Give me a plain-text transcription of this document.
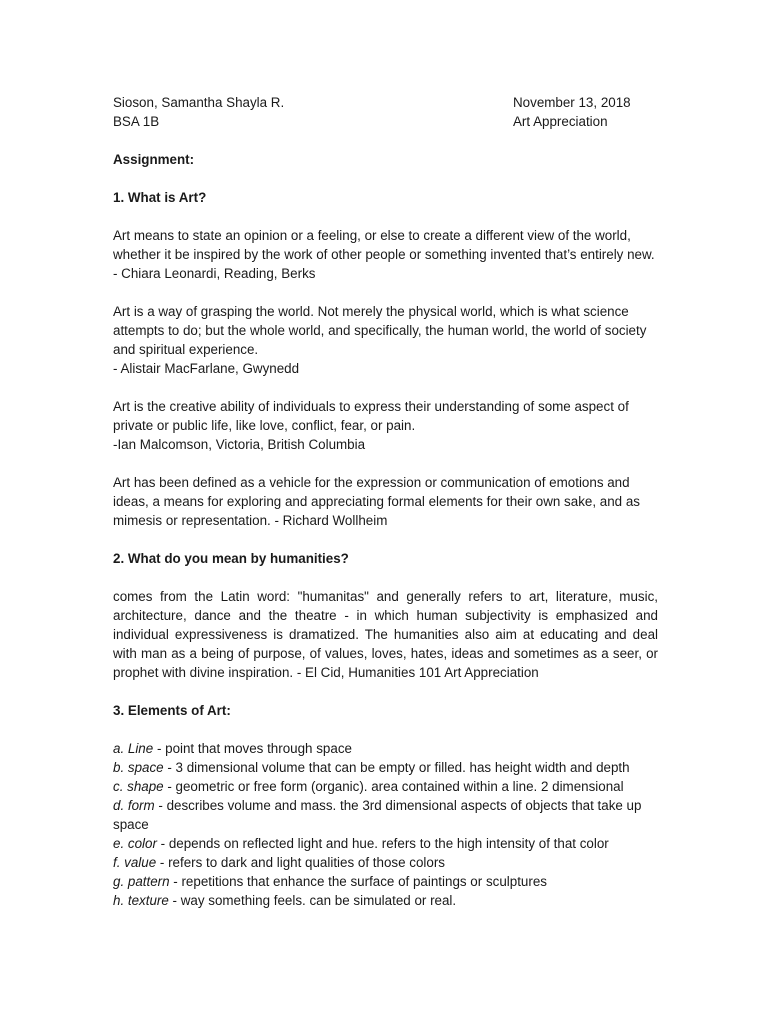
Sioson, Samantha Shayla R.	November 13, 2018
BSA 1B	Art Appreciation

Assignment:

1. What is Art?

Art means to state an opinion or a feeling, or else to create a different view of the world, whether it be inspired by the work of other people or something invented that’s entirely new. - Chiara Leonardi, Reading, Berks

Art is a way of grasping the world. Not merely the physical world, which is what science attempts to do; but the whole world, and specifically, the human world, the world of society and spiritual experience.

- Alistair MacFarlane, Gwynedd

Art is the creative ability of individuals to express their understanding of some aspect of private or public life, like love, conflict, fear, or pain.

-Ian Malcomson, Victoria, British Columbia

Art has been defined as a vehicle for the expression or communication of emotions and ideas, a means for exploring and appreciating formal elements for their own sake, and as mimesis or representation. - Richard Wollheim

2. What do you mean by humanities?

comes from the Latin word: "humanitas" and generally refers to art, literature, music, architecture, dance and the theatre - in which human subjectivity is emphasized and individual expressiveness is dramatized. The humanities also aim at educating and deal with man as a being of purpose, of values, loves, hates, ideas and sometimes as a seer, or prophet with divine inspiration. - El Cid, Humanities 101 Art Appreciation

3. Elements of Art:

a. Line - point that moves through space

b. space - 3 dimensional volume that can be empty or filled. has height width and depth

c. shape - geometric or free form (organic). area contained within a line. 2 dimensional

d. form - describes volume and mass. the 3rd dimensional aspects of objects that take up space

e. color - depends on reflected light and hue. refers to the high intensity of that color

f. value - refers to dark and light qualities of those colors

g. pattern - repetitions that enhance the surface of paintings or sculptures

h. texture - way something feels. can be simulated or real.
